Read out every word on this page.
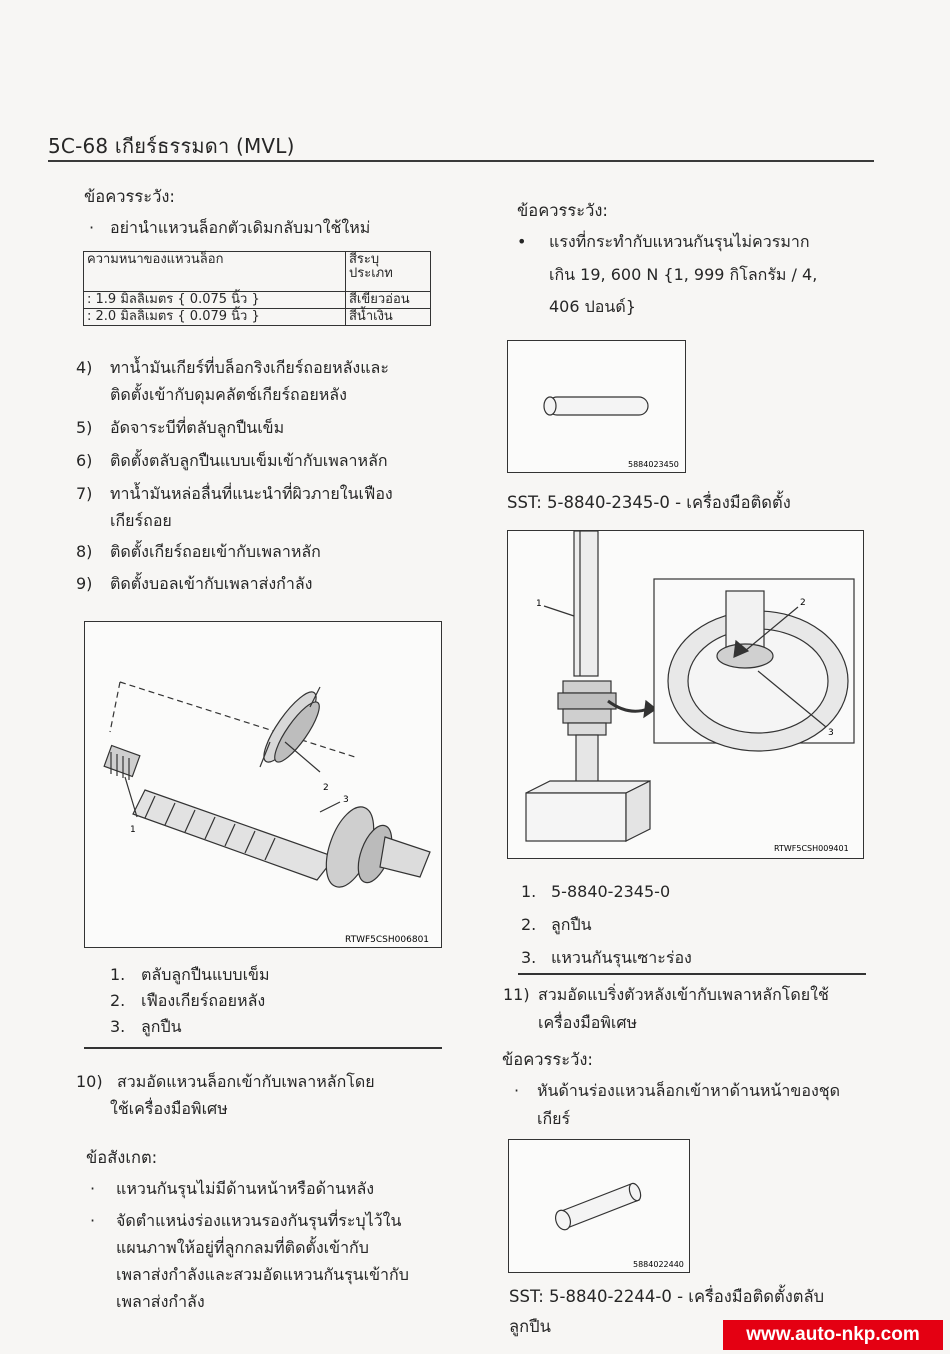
5C-68 เกียร์ธรรมดา (MVL)
ข้อควรระวัง:
· อย่านำแหวนล็อกตัวเดิมกลับมาใช้ใหม่
ความหนาของแหวนล็อก	สีระบุ
ประเภท
: 1.9 มิลลิเมตร { 0.075 นิ้ว }	สีเขียวอ่อน
: 2.0 มิลลิเมตร { 0.079 นิ้ว }	สีน้ำเงิน
4) ทาน้ำมันเกียร์ที่บล็อกริงเกียร์ถอยหลังและ
ติดตั้งเข้ากับดุมคลัตช์เกียร์ถอยหลัง
5) อัดจาระบีที่ตลับลูกปืนเข็ม
6) ติดตั้งตลับลูกปืนแบบเข็มเข้ากับเพลาหลัก
7) ทาน้ำมันหล่อลื่นที่แนะนำที่ผิวภายในเฟือง
เกียร์ถอย
8) ติดตั้งเกียร์ถอยเข้ากับเพลาหลัก
9) ติดตั้งบอลเข้ากับเพลาส่งกำลัง
1
2
3
RTWF5CSH006801
1. ตลับลูกปืนแบบเข็ม
2. เฟืองเกียร์ถอยหลัง
3. ลูกปืน
10) สวมอัดแหวนล็อกเข้ากับเพลาหลักโดย
ใช้เครื่องมือพิเศษ
ข้อสังเกต:
· แหวนกันรุนไม่มีด้านหน้าหรือด้านหลัง
· จัดตำแหน่งร่องแหวนรองกันรุนที่ระบุไว้ใน
แผนภาพให้อยู่ที่ลูกกลมที่ติดตั้งเข้ากับ
เพลาส่งกำลังและสวมอัดแหวนกันรุนเข้ากับ
เพลาส่งกำลัง
ข้อควรระวัง:
• แรงที่กระทำกับแหวนกันรุนไม่ควรมาก
เกิน 19, 600 N {1, 999 กิโลกรัม / 4,
406 ปอนด์}
5884023450
SST: 5-8840-2345-0 - เครื่องมือติดตั้ง
1	2
3
RTWF5CSH009401
1. 5-8840-2345-0
2. ลูกปืน
3. แหวนกันรุนเซาะร่อง
11) สวมอัดแบริ่งตัวหลังเข้ากับเพลาหลักโดยใช้
เครื่องมือพิเศษ
ข้อควรระวัง:
· หันด้านร่องแหวนล็อกเข้าหาด้านหน้าของชุด
เกียร์
5884022440
SST: 5-8840-2244-0 - เครื่องมือติดตั้งตลับ
ลูกปืน	www.auto-nkp.com
